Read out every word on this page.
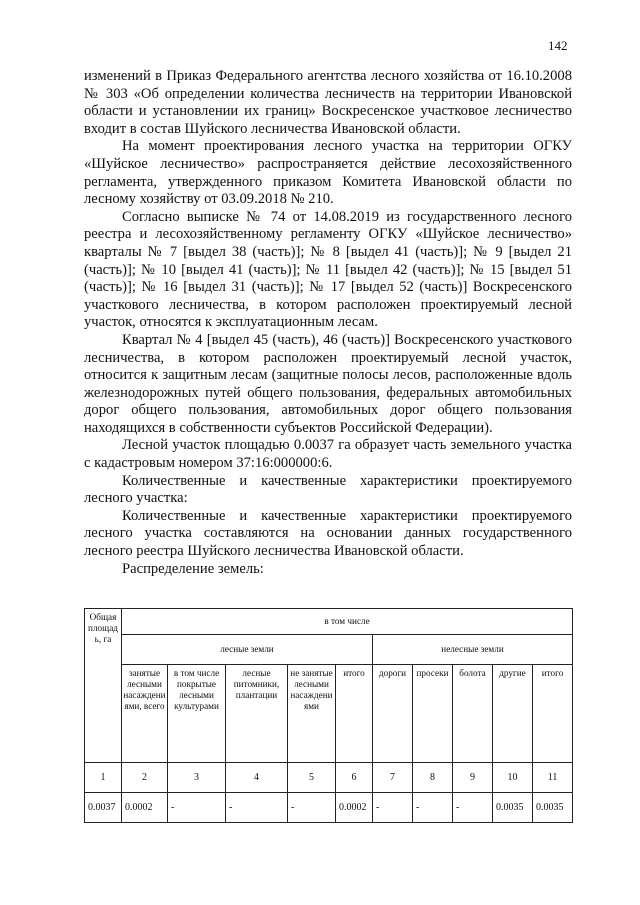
142

изменений в Приказ Федерального агентства лесного хозяйства от 16.10.2008 № 303 «Об определении количества лесничеств на территории Ивановской области и установлении их границ» Воскресенское участковое лесничество входит в состав Шуйского лесничества Ивановской области.

На момент проектирования лесного участка на территории ОГКУ «Шуйское лесничество» распространяется действие лесохозяйственного регламента, утвержденного приказом Комитета Ивановской области по лесному хозяйству от 03.09.2018 № 210.

Согласно выписке № 74 от 14.08.2019 из государственного лесного реестра и лесохозяйственному регламенту ОГКУ «Шуйское лесничество» кварталы № 7 [выдел 38 (часть)]; № 8 [выдел 41 (часть)]; № 9 [выдел 21 (часть)]; № 10 [выдел 41 (часть)]; № 11 [выдел 42 (часть)]; № 15 [выдел 51 (часть)]; № 16 [выдел 31 (часть)]; № 17 [выдел 52 (часть)] Воскресенского участкового лесничества, в котором расположен проектируемый лесной участок, относятся к эксплуатационным лесам.

Квартал № 4 [выдел 45 (часть), 46 (часть)] Воскресенского участкового лесничества, в котором расположен проектируемый лесной участок, относится к защитным лесам (защитные полосы лесов, расположенные вдоль железнодорожных путей общего пользования, федеральных автомобильных дорог общего пользования, автомобильных дорог общего пользования находящихся в собственности субъектов Российской Федерации).

Лесной участок площадью 0.0037 га образует часть земельного участка с кадастровым номером 37:16:000000:6.

Количественные и качественные характеристики проектируемого лесного участка:

Количественные и качественные характеристики проектируемого лесного участка составляются на основании данных государственного лесного реестра Шуйского лесничества Ивановской области.

Распределение земель:

Общая площадь, га	в том числе									
	лесные земли					нелесные земли				
	занятые лесными насаждениями, всего	в том числе покрытые лесными культурами	лесные питомники, плантации	не занятые лесными насаждениями	итого	дороги	просеки	болота	другие	итого
1	2	3	4	5	6	7	8	9	10	11
0.0037	0.0002	-	-	-	0.0002	-	-	-	0.0035	0.0035
